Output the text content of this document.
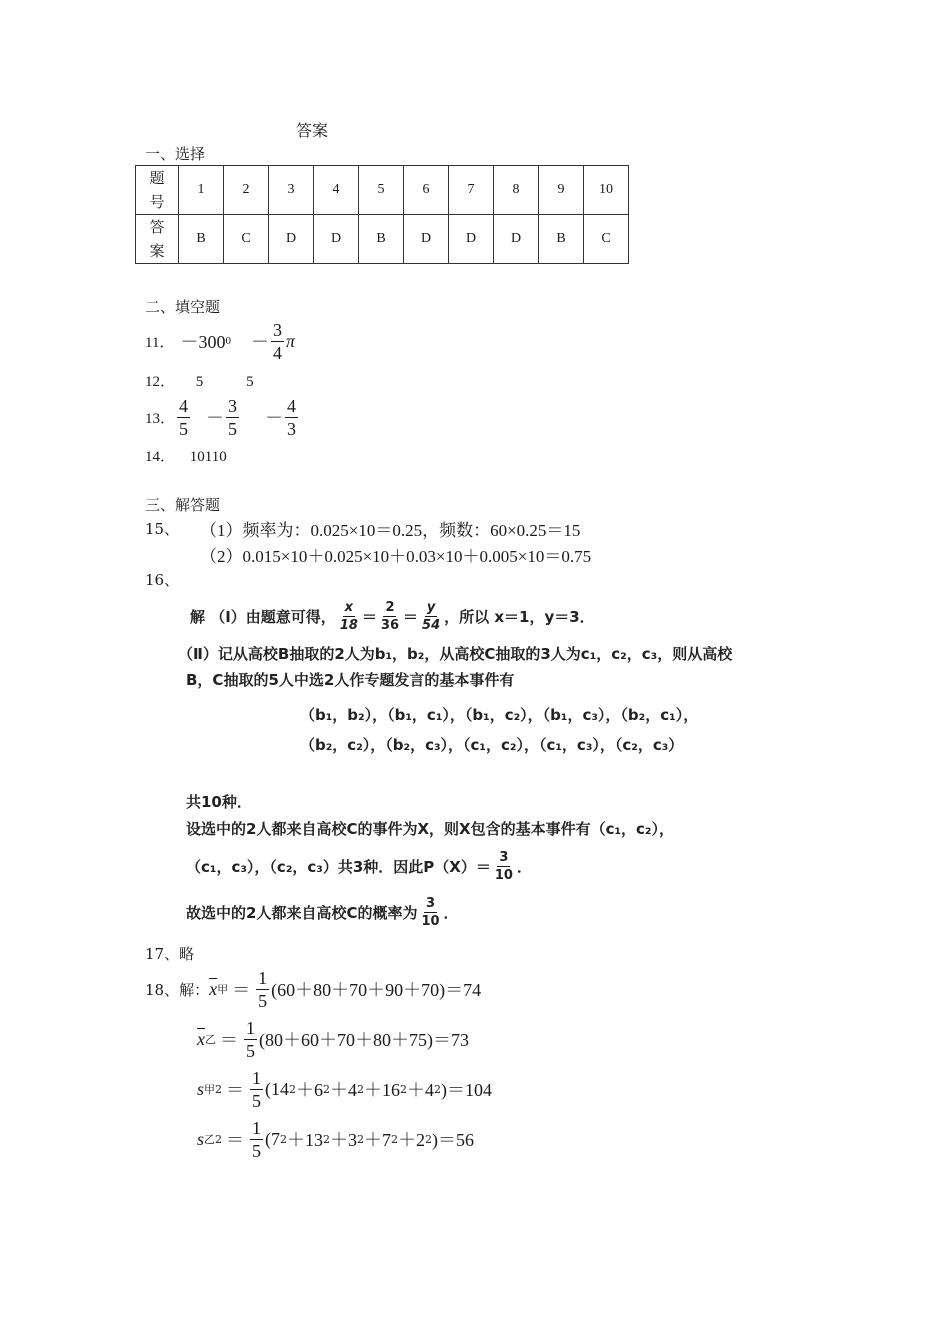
答案
一、选择
题
号	1	2	3	4	5	6	7	8	9	10
答
案	B	C	D	D	B	D	D	D	B	C
二、填空题
11． －300 $0 - \frac{3}{4}$ π
12． 5	5
13． $\frac{4}{5} - \frac{3}{5} - \frac{4}{3}$
14． 10110
三、解答题
15、 （1）频率为：0.025×10＝0.25，频数：60×0.25＝15
（2）0.015×10＋0.025×10＋0.03×10＋0.005×10＝0.75
16、
解 （Ⅰ）由题意可得， $\frac{x}{18} = \frac{2}{36} = \frac{y}{54}$ ，所以 x＝1，y＝3．
（Ⅱ）记从高校B抽取的2人为b₁，b₂，从高校C抽取的3人为c₁，c₂，c₃，则从高校
B，C抽取的5人中选2人作专题发言的基本事件有
（b₁，b₂），（b₁，c₁），（b₁，c₂），（b₁，c₃），（b₂，c₁），
（b₂，c₂），（b₂，c₃），（c₁，c₂），（c₁，c₃），（c₂，c₃）
共10种．
设选中的2人都来自高校C的事件为X，则X包含的基本事件有（c₁，c₂），
（c₁，c₃），（c₂，c₃）共3种．因此$P(X)= \frac{3}{10}$ ．
故选中的2人都来自高校C的概率为 $\frac{3}{10}$ ．
17、略
18、 解： $\overline{x}$ 甲 ＝ $\frac{1}{5} (60+80+70+90+70)=74$
$\overline{x}$ 乙 ＝ $\frac{1}{5} (80+60+70+80+75)=73$
s 甲 $2 = \frac{1}{5} (14$ 2 ＋6 2 ＋4 2 ＋16 2 ＋4 2 )＝104
s 乙 $2 = \frac{1}{5} (7$ 2 ＋13 2 ＋3 2 ＋7 2 ＋2 2 )＝56
